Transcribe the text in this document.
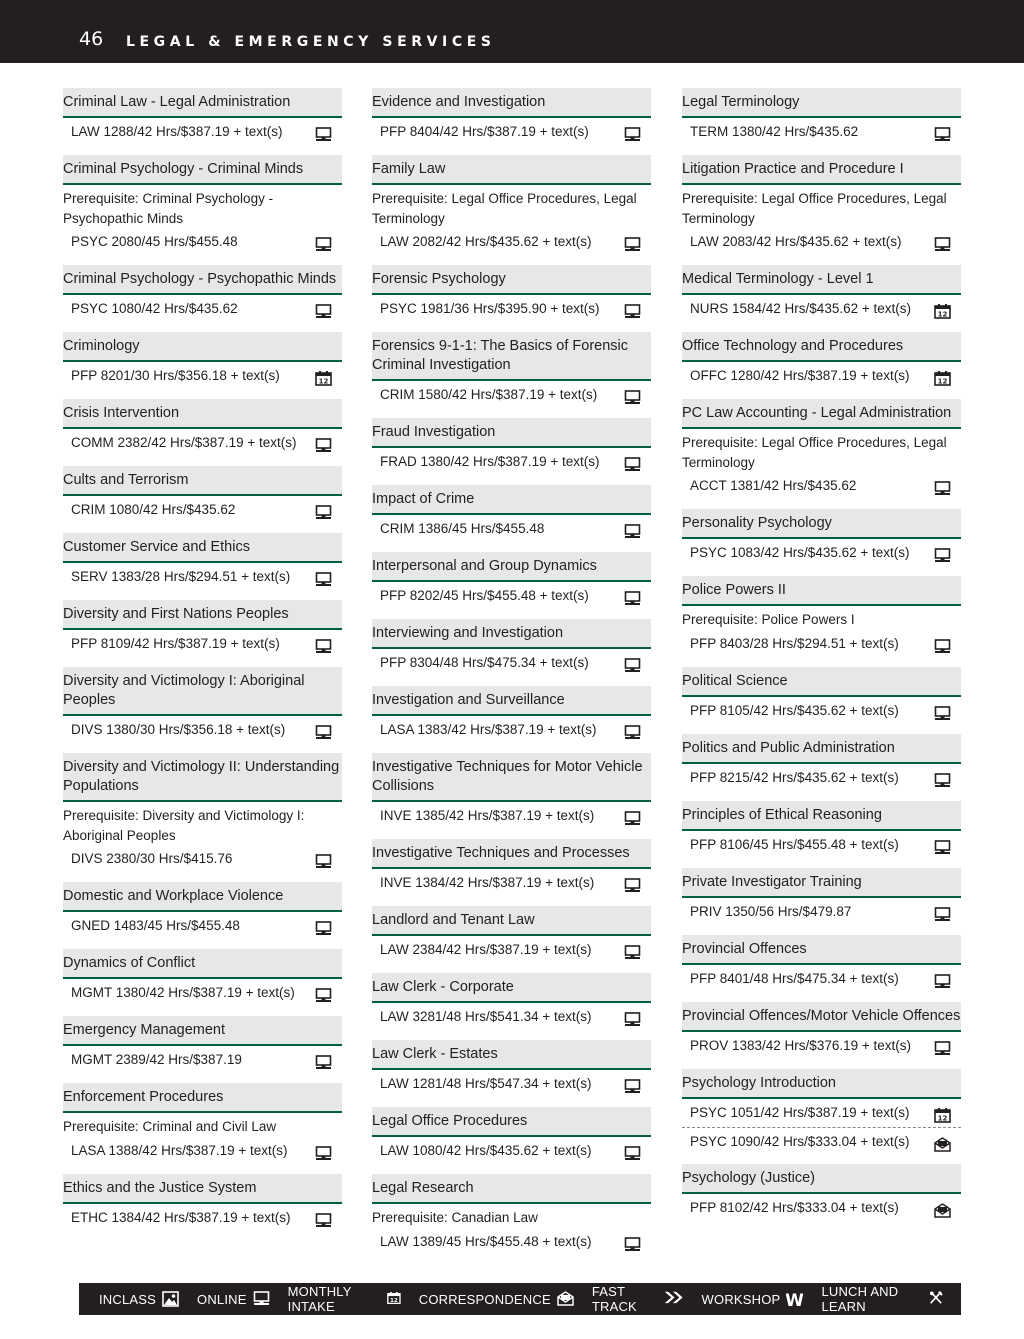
46 LEGAL & EMERGENCY SERVICES
Criminal Law - Legal Administration
LAW 1288/42 Hrs/$387.19 + text(s)
Criminal Psychology - Criminal Minds
Prerequisite: Criminal Psychology - Psychopathic Minds
PSYC 2080/45 Hrs/$455.48
Criminal Psychology - Psychopathic Minds
PSYC 1080/42 Hrs/$435.62
Criminology
PFP 8201/30 Hrs/$356.18 + text(s)	12
Crisis Intervention
COMM 2382/42 Hrs/$387.19 + text(s)
Cults and Terrorism
CRIM 1080/42 Hrs/$435.62
Customer Service and Ethics
SERV 1383/28 Hrs/$294.51 + text(s)
Diversity and First Nations Peoples
PFP 8109/42 Hrs/$387.19 + text(s)
Diversity and Victimology I: Aboriginal Peoples
DIVS 1380/30 Hrs/$356.18 + text(s)
Diversity and Victimology II: Understanding Populations
Prerequisite: Diversity and Victimology I: Aboriginal Peoples
DIVS 2380/30 Hrs/$415.76
Domestic and Workplace Violence
GNED 1483/45 Hrs/$455.48
Dynamics of Conflict
MGMT 1380/42 Hrs/$387.19 + text(s)
Emergency Management
MGMT 2389/42 Hrs/$387.19
Enforcement Procedures
Prerequisite: Criminal and Civil Law
LASA 1388/42 Hrs/$387.19 + text(s)
Ethics and the Justice System
ETHC 1384/42 Hrs/$387.19 + text(s)
Evidence and Investigation
PFP 8404/42 Hrs/$387.19 + text(s)
Family Law
Prerequisite: Legal Office Procedures, Legal Terminology
LAW 2082/42 Hrs/$435.62 + text(s)
Forensic Psychology
PSYC 1981/36 Hrs/$395.90 + text(s)
Forensics 9-1-1: The Basics of Forensic Criminal Investigation
CRIM 1580/42 Hrs/$387.19 + text(s)
Fraud Investigation
FRAD 1380/42 Hrs/$387.19 + text(s)
Impact of Crime
CRIM 1386/45 Hrs/$455.48
Interpersonal and Group Dynamics
PFP 8202/45 Hrs/$455.48 + text(s)
Interviewing and Investigation
PFP 8304/48 Hrs/$475.34 + text(s)
Investigation and Surveillance
LASA 1383/42 Hrs/$387.19 + text(s)
Investigative Techniques for Motor Vehicle Collisions
INVE 1385/42 Hrs/$387.19 + text(s)
Investigative Techniques and Processes
INVE 1384/42 Hrs/$387.19 + text(s)
Landlord and Tenant Law
LAW 2384/42 Hrs/$387.19 + text(s)
Law Clerk - Corporate
LAW 3281/48 Hrs/$541.34 + text(s)
Law Clerk - Estates
LAW 1281/48 Hrs/$547.34 + text(s)
Legal Office Procedures
LAW 1080/42 Hrs/$435.62 + text(s)
Legal Research
Prerequisite: Canadian Law
LAW 1389/45 Hrs/$455.48 + text(s)
Legal Terminology
TERM 1380/42 Hrs/$435.62
Litigation Practice and Procedure I
Prerequisite: Legal Office Procedures, Legal Terminology
LAW 2083/42 Hrs/$435.62 + text(s)
Medical Terminology - Level 1
NURS 1584/42 Hrs/$435.62 + text(s)	12
Office Technology and Procedures
OFFC 1280/42 Hrs/$387.19 + text(s)	12
PC Law Accounting - Legal Administration
Prerequisite: Legal Office Procedures, Legal Terminology
ACCT 1381/42 Hrs/$435.62
Personality Psychology
PSYC 1083/42 Hrs/$435.62 + text(s)
Police Powers II
Prerequisite: Police Powers I
PFP 8403/28 Hrs/$294.51 + text(s)
Political Science
PFP 8105/42 Hrs/$435.62 + text(s)
Politics and Public Administration
PFP 8215/42 Hrs/$435.62 + text(s)
Principles of Ethical Reasoning
PFP 8106/45 Hrs/$455.48 + text(s)
Private Investigator Training
PRIV 1350/56 Hrs/$479.87
Provincial Offences
PFP 8401/48 Hrs/$475.34 + text(s)
Provincial Offences/Motor Vehicle Offences
PROV 1383/42 Hrs/$376.19 + text(s)
Psychology Introduction
PSYC 1051/42 Hrs/$387.19 + text(s)	12
PSYC 1090/42 Hrs/$333.04 + text(s)
Psychology (Justice)
PFP 8102/42 Hrs/$333.04 + text(s)
INCLASS	ONLINE	MONTHLY INTAKE	12 CORRESPONDENCE	FAST TRACK	WORKSHOP W LUNCH AND LEARN
